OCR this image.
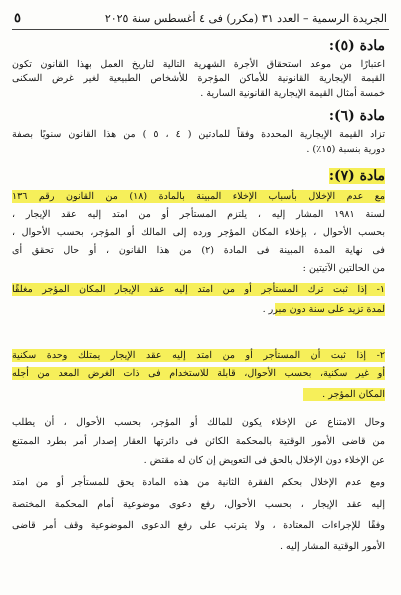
الجريدة الرسمية – العدد ٣١ (مكرر) فى ٤ أغسطس سنة ٢٠٢٥
٥
مادة (٥):
اعتبارًا من موعد استحقاق الأجرة الشهرية التالية لتاريخ العمل بهذا القانون تكون
القيمة الإيجارية القانونية للأماكن المؤجرة للأشخاص الطبيعية لغير غرض السكنى
خمسة أمثال القيمة الإيجارية القانونية السارية .
مادة (٦):
تزاد القيمة الإيجارية المحددة وفقاً للمادتين ( ٤ ، ٥ ) من هذا القانون سنويًا بصفة
دورية بنسبة (١٥٪) .
مادة (٧):
مع عدم الإخلال بأسباب الإخلاء المبينة بالمادة (١٨) من القانون رقم ١٣٦
لسنة ١٩٨١ المشار إليه ، يلتزم المستأجر أو من امتد إليه عقد الإيجار ،
بحسب الأحوال ، بإخلاء المكان المؤجر ورده إلى المالك أو المؤجر، بحسب الأحوال ،
فى نهاية المدة المبينة فى المادة (٢) من هذا القانون ، أو حال تحقق أى
من الحالتين الآتيتين :
١- إذا ثبت ترك المستأجر أو من امتد إليه عقد الإيجار المكان المؤجر مغلقًا
لمدة تزيد على سنة دون مبرر .
٢- إذا ثبت أن المستأجر أو من امتد إليه عقد الإيجار يمتلك وحدة سكنية
أو غير سكنية، بحسب الأحوال، قابلة للاستخدام فى ذات الغرض المعد من أجله
المكان المؤجر .
وحال الامتناع عن الإخلاء يكون للمالك أو المؤجر، بحسب الأحوال ، أن يطلب
من قاضى الأمور الوقتية بالمحكمة الكائن فى دائرتها العقار إصدار أمر بطرد الممتنع
عن الإخلاء دون الإخلال بالحق فى التعويض إن كان له مقتض .
ومع عدم الإخلال بحكم الفقرة الثانية من هذه المادة يحق للمستأجر أو من امتد
إليه عقد الإيجار ، بحسب الأحوال، رفع دعوى موضوعية أمام المحكمة المختصة
وفقًا للإجراءات المعتادة ، ولا يترتب على رفع الدعوى الموضوعية وقف أمر قاضى
الأمور الوقتية المشار إليه .
